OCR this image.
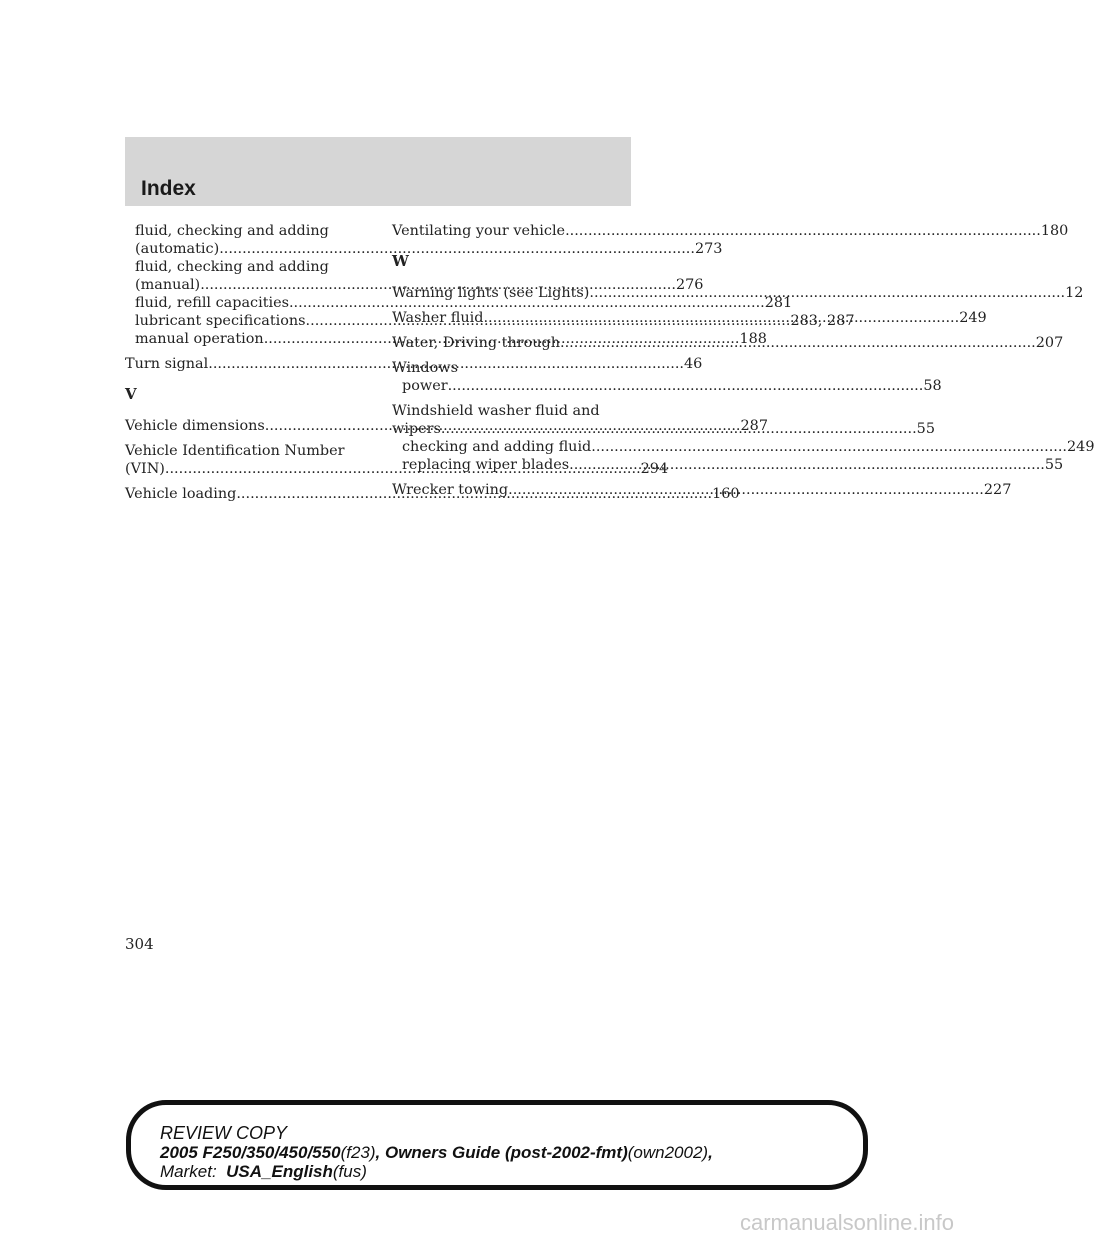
Index
fluid, checking and adding
(automatic) .....	273
fluid, checking and adding
(manual) .....	276
fluid, refill capacities .....	281
lubricant specifications .....	..283, 287
manual operation .....	188
Turn signal .....	46
V
Vehicle dimensions .....	287
Vehicle Identification Number
(VIN) .....	294
Vehicle loading .....	160
Ventilating your vehicle .....	180
W
Warning lights (see Lights) .....	12
Washer fluid .....	249
Water, Driving through .....	207
Windows
power .....	58
Windshield washer fluid and
wipers .....	55
checking and adding fluid .....	249
replacing wiper blades .....	55
Wrecker towing .....	227

304

REVIEW COPY
2005 F250/350/450/550(f23), Owners Guide (post-2002-fmt)(own2002),
Market: USA_English(fus)

carmanualsonline.info
